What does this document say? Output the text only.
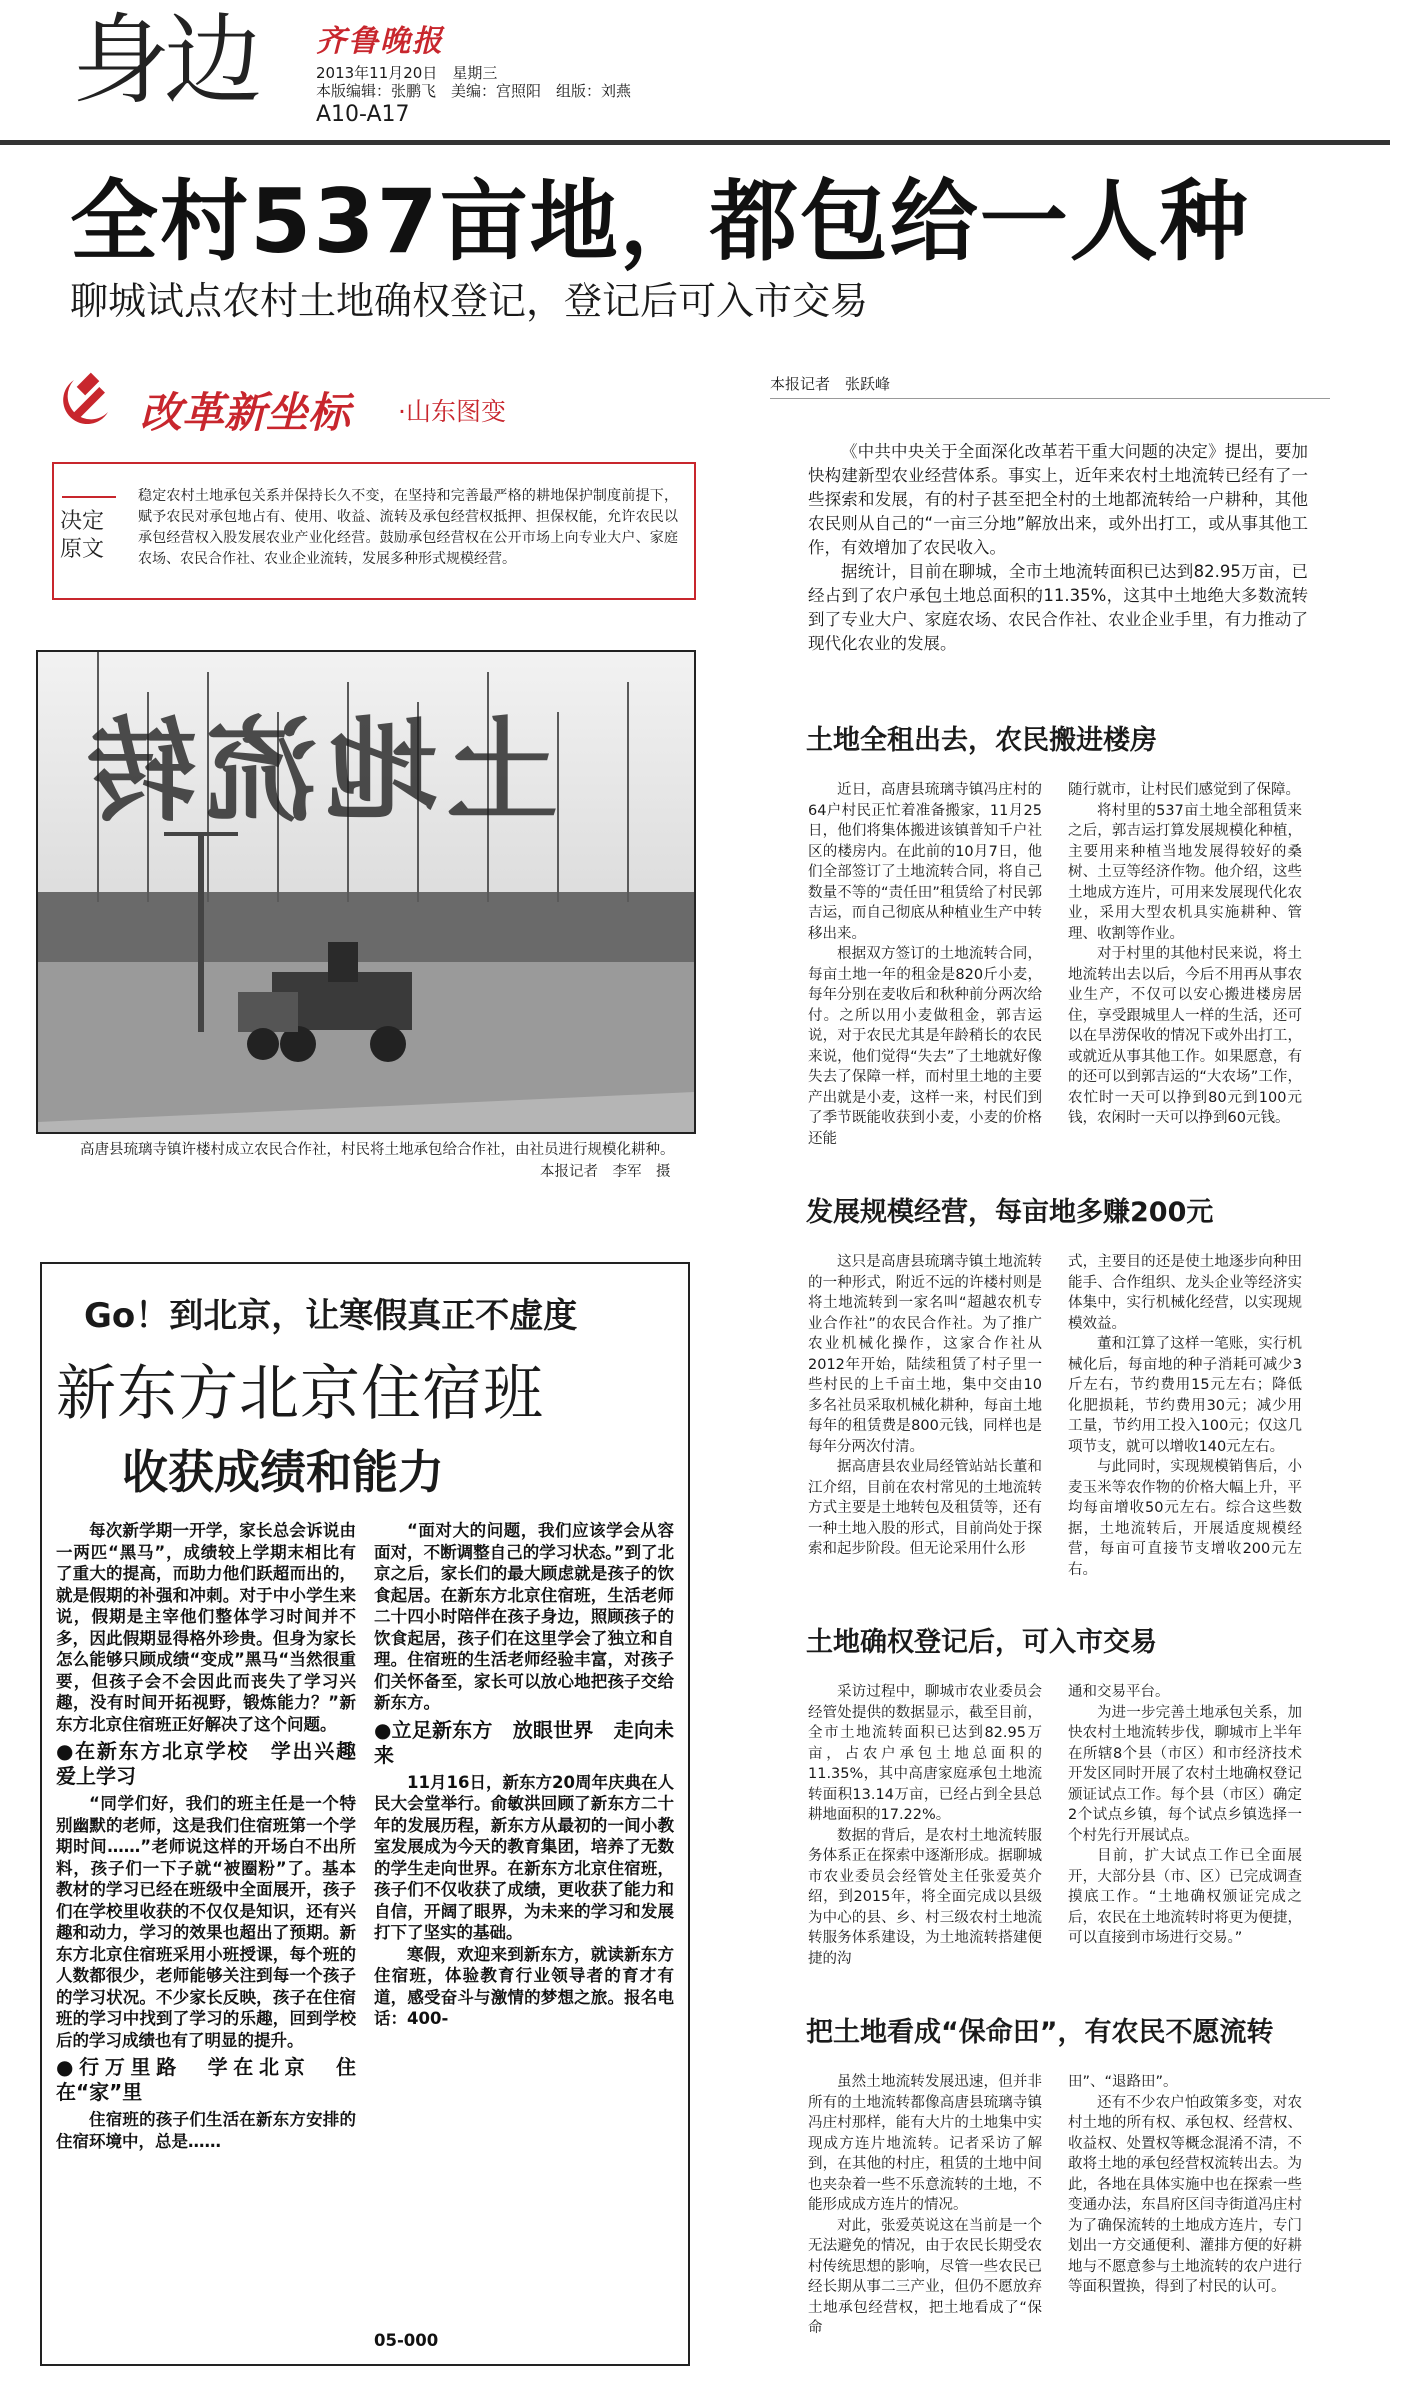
身边 齐鲁晚报
2013年11月20日　星期三
本版编辑：张鹏飞　美编：宫照阳　组版：刘燕
A10-A17
全村537亩地，都包给一人种
聊城试点农村土地确权登记，登记后可入市交易
改革新坐标 ·山东图变
决定原文
稳定农村土地承包关系并保持长久不变，在坚持和完善最严格的耕地保护制度前提下，赋予农民对承包地占有、使用、收益、流转及承包经营权抵押、担保权能，允许农民以承包经营权入股发展农业产业化经营。鼓励承包经营权在公开市场上向专业大户、家庭农场、农民合作社、农业企业流转，发展多种形式规模经营。
本报记者　张跃峰

《中共中央关于全面深化改革若干重大问题的决定》提出，要加快构建新型农业经营体系。事实上，近年来农村土地流转已经有了一些探索和发展，有的村子甚至把全村的土地都流转给一户耕种，其他农民则从自己的“一亩三分地”解放出来，或外出打工，或从事其他工作，有效增加了农民收入。

据统计，目前在聊城，全市土地流转面积已达到82.95万亩，已经占到了农户承包土地总面积的11.35%，这其中土地绝大多数流转到了专业大户、家庭农场、农民合作社、农业企业手里，有力推动了现代化农业的发展。

土地流转
高唐县琉璃寺镇许楼村成立农民合作社，村民将土地承包给合作社，由社员进行规模化耕种。
本报记者　李军　摄
土地全租出去，农民搬进楼房

近日，高唐县琉璃寺镇冯庄村的64户村民正忙着准备搬家，11月25日，他们将集体搬进该镇普知千户社区的楼房内。在此前的10月7日，他们全部签订了土地流转合同，将自己数量不等的“责任田”租赁给了村民郭吉运，而自己彻底从种植业生产中转移出来。

根据双方签订的土地流转合同，每亩土地一年的租金是820斤小麦，每年分别在麦收后和秋种前分两次给付。之所以用小麦做租金，郭吉运说，对于农民尤其是年龄稍长的农民来说，他们觉得“失去”了土地就好像失去了保障一样，而村里土地的主要产出就是小麦，这样一来，村民们到了季节既能收获到小麦，小麦的价格还能

随行就市，让村民们感觉到了保障。

将村里的537亩土地全部租赁来之后，郭吉运打算发展规模化种植，主要用来种植当地发展得较好的桑树、土豆等经济作物。他介绍，这些土地成方连片，可用来发展现代化农业，采用大型农机具实施耕种、管理、收割等作业。

对于村里的其他村民来说，将土地流转出去以后，今后不用再从事农业生产，不仅可以安心搬进楼房居住，享受跟城里人一样的生活，还可以在旱涝保收的情况下或外出打工，或就近从事其他工作。如果愿意，有的还可以到郭吉运的“大农场”工作，农忙时一天可以挣到80元到100元钱，农闲时一天可以挣到60元钱。

发展规模经营，每亩地多赚200元

这只是高唐县琉璃寺镇土地流转的一种形式，附近不远的许楼村则是将土地流转到一家名叫“超越农机专业合作社”的农民合作社。为了推广农业机械化操作，这家合作社从2012年开始，陆续租赁了村子里一些村民的上千亩土地，集中交由10多名社员采取机械化耕种，每亩土地每年的租赁费是800元钱，同样也是每年分两次付清。

据高唐县农业局经管站站长董和江介绍，目前在农村常见的土地流转方式主要是土地转包及租赁等，还有一种土地入股的形式，目前尚处于探索和起步阶段。但无论采用什么形

式，主要目的还是使土地逐步向种田能手、合作组织、龙头企业等经济实体集中，实行机械化经营，以实现规模效益。

董和江算了这样一笔账，实行机械化后，每亩地的种子消耗可减少3斤左右，节约费用15元左右；降低化肥损耗，节约费用30元；减少用工量，节约用工投入100元；仅这几项节支，就可以增收140元左右。

与此同时，实现规模销售后，小麦玉米等农作物的价格大幅上升，平均每亩增收50元左右。综合这些数据，土地流转后，开展适度规模经营，每亩可直接节支增收200元左右。

土地确权登记后，可入市交易

采访过程中，聊城市农业委员会经管处提供的数据显示，截至目前，全市土地流转面积已达到82.95万亩，占农户承包土地总面积的11.35%，其中高唐家庭承包土地流转面积13.14万亩，已经占到全县总耕地面积的17.22%。

数据的背后，是农村土地流转服务体系正在探索中逐渐形成。据聊城市农业委员会经管处主任张爱英介绍，到2015年，将全面完成以县级为中心的县、乡、村三级农村土地流转服务体系建设，为土地流转搭建便捷的沟

通和交易平台。

为进一步完善土地承包关系，加快农村土地流转步伐，聊城市上半年在所辖8个县（市区）和市经济技术开发区同时开展了农村土地确权登记颁证试点工作。每个县（市区）确定2个试点乡镇，每个试点乡镇选择一个村先行开展试点。

目前，扩大试点工作已全面展开，大部分县（市、区）已完成调查摸底工作。“土地确权颁证完成之后，农民在土地流转时将更为便捷，可以直接到市场进行交易。”

把土地看成“保命田”，有农民不愿流转

虽然土地流转发展迅速，但并非所有的土地流转都像高唐县琉璃寺镇冯庄村那样，能有大片的土地集中实现成方连片地流转。记者采访了解到，在其他的村庄，租赁的土地中间也夹杂着一些不乐意流转的土地，不能形成成方连片的情况。

对此，张爱英说这在当前是一个无法避免的情况，由于农民长期受农村传统思想的影响，尽管一些农民已经长期从事二三产业，但仍不愿放弃土地承包经营权，把土地看成了“保命

田”、“退路田”。

还有不少农户怕政策多变，对农村土地的所有权、承包权、经营权、收益权、处置权等概念混淆不清，不敢将土地的承包经营权流转出去。为此，各地在具体实施中也在探索一些变通办法，东昌府区闫寺街道冯庄村为了确保流转的土地成方连片，专门划出一方交通便利、灌排方便的好耕地与不愿意参与土地流转的农户进行等面积置换，得到了村民的认可。

Go！到北京，让寒假真正不虚度
新东方北京住宿班
收获成绩和能力

每次新学期一开学，家长总会诉说由一两匹“黑马”，成绩较上学期末相比有了重大的提高，而助力他们跃超而出的，就是假期的补强和冲刺。对于中小学生来说，假期是主宰他们整体学习时间并不多，因此假期显得格外珍贵。但身为家长怎么能够只顾成绩“变成”黑马“当然很重要，但孩子会不会因此而丧失了学习兴趣，没有时间开拓视野，锻炼能力？”新东方北京住宿班正好解决了这个问题。

●在新东方北京学校　学出兴趣　爱上学习

“同学们好，我们的班主任是一个特别幽默的老师，这是我们住宿班第一个学期时间……”老师说这样的开场白不出所料，孩子们一下子就“被圈粉”了。基本教材的学习已经在班级中全面展开，孩子们在学校里收获的不仅仅是知识，还有兴趣和动力，学习的效果也超出了预期。新东方北京住宿班采用小班授课，每个班的人数都很少，老师能够关注到每一个孩子的学习状况。不少家长反映，孩子在住宿班的学习中找到了学习的乐趣，回到学校后的学习成绩也有了明显的提升。

●行万里路　学在北京　住在“家”里

住宿班的孩子们生活在新东方安排的住宿环境中，总是……

“面对大的问题，我们应该学会从容面对，不断调整自己的学习状态。”到了北京之后，家长们的最大顾虑就是孩子的饮食起居。在新东方北京住宿班，生活老师二十四小时陪伴在孩子身边，照顾孩子的饮食起居，孩子们在这里学会了独立和自理。住宿班的生活老师经验丰富，对孩子们关怀备至，家长可以放心地把孩子交给新东方。

●立足新东方　放眼世界　走向未来

11月16日，新东方20周年庆典在人民大会堂举行。俞敏洪回顾了新东方二十年的发展历程，新东方从最初的一间小教室发展成为今天的教育集团，培养了无数的学生走向世界。在新东方北京住宿班，孩子们不仅收获了成绩，更收获了能力和自信，开阔了眼界，为未来的学习和发展打下了坚实的基础。

寒假，欢迎来到新东方，就读新东方住宿班，体验教育行业领导者的育才有道，感受奋斗与激情的梦想之旅。报名电话：400-

05-000
